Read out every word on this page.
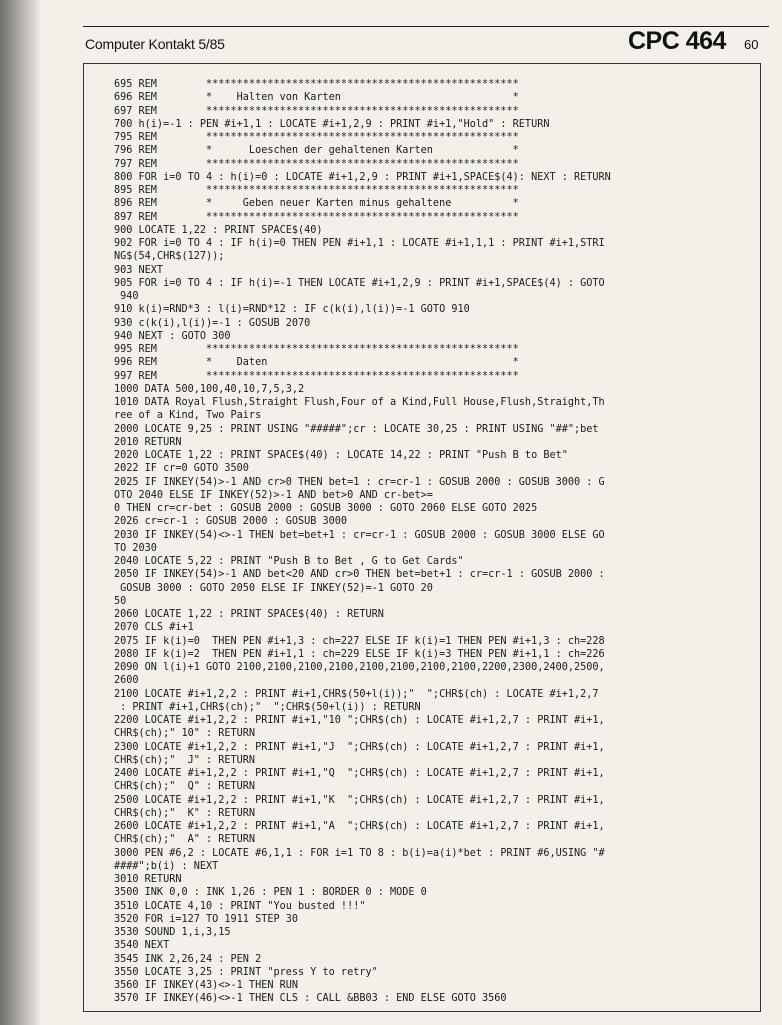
Computer Kontakt 5/85	CPC 464 60
695 REM        ***************************************************
696 REM        *    Halten von Karten                            *
697 REM        ***************************************************
700 h(i)=-1 : PEN #i+1,1 : LOCATE #i+1,2,9 : PRINT #i+1,"Hold" : RETURN
795 REM        ***************************************************
796 REM        *      Loeschen der gehaltenen Karten             *
797 REM        ***************************************************
800 FOR i=0 TO 4 : h(i)=0 : LOCATE #i+1,2,9 : PRINT #i+1,SPACE$(4): NEXT : RETURN
895 REM        ***************************************************
896 REM        *     Geben neuer Karten minus gehaltene          *
897 REM        ***************************************************
900 LOCATE 1,22 : PRINT SPACE$(40)
902 FOR i=0 TO 4 : IF h(i)=0 THEN PEN #i+1,1 : LOCATE #i+1,1,1 : PRINT #i+1,STRI
NG$(54,CHR$(127));
903 NEXT
905 FOR i=0 TO 4 : IF h(i)=-1 THEN LOCATE #i+1,2,9 : PRINT #i+1,SPACE$(4) : GOTO
940
910 k(i)=RND*3 : l(i)=RND*12 : IF c(k(i),l(i))=-1 GOTO 910
930 c(k(i),l(i))=-1 : GOSUB 2070
940 NEXT : GOTO 300
995 REM        ***************************************************
996 REM        *    Daten                                        *
997 REM        ***************************************************
1000 DATA 500,100,40,10,7,5,3,2
1010 DATA Royal Flush,Straight Flush,Four of a Kind,Full House,Flush,Straight,Th
ree of a Kind, Two Pairs
2000 LOCATE 9,25 : PRINT USING "#####";cr : LOCATE 30,25 : PRINT USING "##";bet
2010 RETURN
2020 LOCATE 1,22 : PRINT SPACE$(40) : LOCATE 14,22 : PRINT "Push B to Bet"
2022 IF cr=0 GOTO 3500
2025 IF INKEY(54)>-1 AND cr>0 THEN bet=1 : cr=cr-1 : GOSUB 2000 : GOSUB 3000 : G
OTO 2040 ELSE IF INKEY(52)>-1 AND bet>0 AND cr-bet>=
0 THEN cr=cr-bet : GOSUB 2000 : GOSUB 3000 : GOTO 2060 ELSE GOTO 2025
2026 cr=cr-1 : GOSUB 2000 : GOSUB 3000
2030 IF INKEY(54)<>-1 THEN bet=bet+1 : cr=cr-1 : GOSUB 2000 : GOSUB 3000 ELSE GO
TO 2030
2040 LOCATE 5,22 : PRINT "Push B to Bet , G to Get Cards"
2050 IF INKEY(54)>-1 AND bet<20 AND cr>0 THEN bet=bet+1 : cr=cr-1 : GOSUB 2000 :
GOSUB 3000 : GOTO 2050 ELSE IF INKEY(52)=-1 GOTO 20
50
2060 LOCATE 1,22 : PRINT SPACE$(40) : RETURN
2070 CLS #i+1
2075 IF k(i)=0  THEN PEN #i+1,3 : ch=227 ELSE IF k(i)=1 THEN PEN #i+1,3 : ch=228
2080 IF k(i)=2  THEN PEN #i+1,1 : ch=229 ELSE IF k(i)=3 THEN PEN #i+1,1 : ch=226
2090 ON l(i)+1 GOTO 2100,2100,2100,2100,2100,2100,2100,2100,2200,2300,2400,2500,
2600
2100 LOCATE #i+1,2,2 : PRINT #i+1,CHR$(50+l(i));"  ";CHR$(ch) : LOCATE #i+1,2,7
: PRINT #i+1,CHR$(ch);"  ";CHR$(50+l(i)) : RETURN
2200 LOCATE #i+1,2,2 : PRINT #i+1,"10 ";CHR$(ch) : LOCATE #i+1,2,7 : PRINT #i+1,
CHR$(ch);" 10" : RETURN
2300 LOCATE #i+1,2,2 : PRINT #i+1,"J  ";CHR$(ch) : LOCATE #i+1,2,7 : PRINT #i+1,
CHR$(ch);"  J" : RETURN
2400 LOCATE #i+1,2,2 : PRINT #i+1,"Q  ";CHR$(ch) : LOCATE #i+1,2,7 : PRINT #i+1,
CHR$(ch);"  Q" : RETURN
2500 LOCATE #i+1,2,2 : PRINT #i+1,"K  ";CHR$(ch) : LOCATE #i+1,2,7 : PRINT #i+1,
CHR$(ch);"  K" : RETURN
2600 LOCATE #i+1,2,2 : PRINT #i+1,"A  ";CHR$(ch) : LOCATE #i+1,2,7 : PRINT #i+1,
CHR$(ch);"  A" : RETURN
3000 PEN #6,2 : LOCATE #6,1,1 : FOR i=1 TO 8 : b(i)=a(i)*bet : PRINT #6,USING "#
####";b(i) : NEXT
3010 RETURN
3500 INK 0,0 : INK 1,26 : PEN 1 : BORDER 0 : MODE 0
3510 LOCATE 4,10 : PRINT "You busted !!!"
3520 FOR i=127 TO 1911 STEP 30
3530 SOUND 1,i,3,15
3540 NEXT
3545 INK 2,26,24 : PEN 2
3550 LOCATE 3,25 : PRINT "press Y to retry"
3560 IF INKEY(43)<>-1 THEN RUN
3570 IF INKEY(46)<>-1 THEN CLS : CALL &BB03 : END ELSE GOTO 3560
